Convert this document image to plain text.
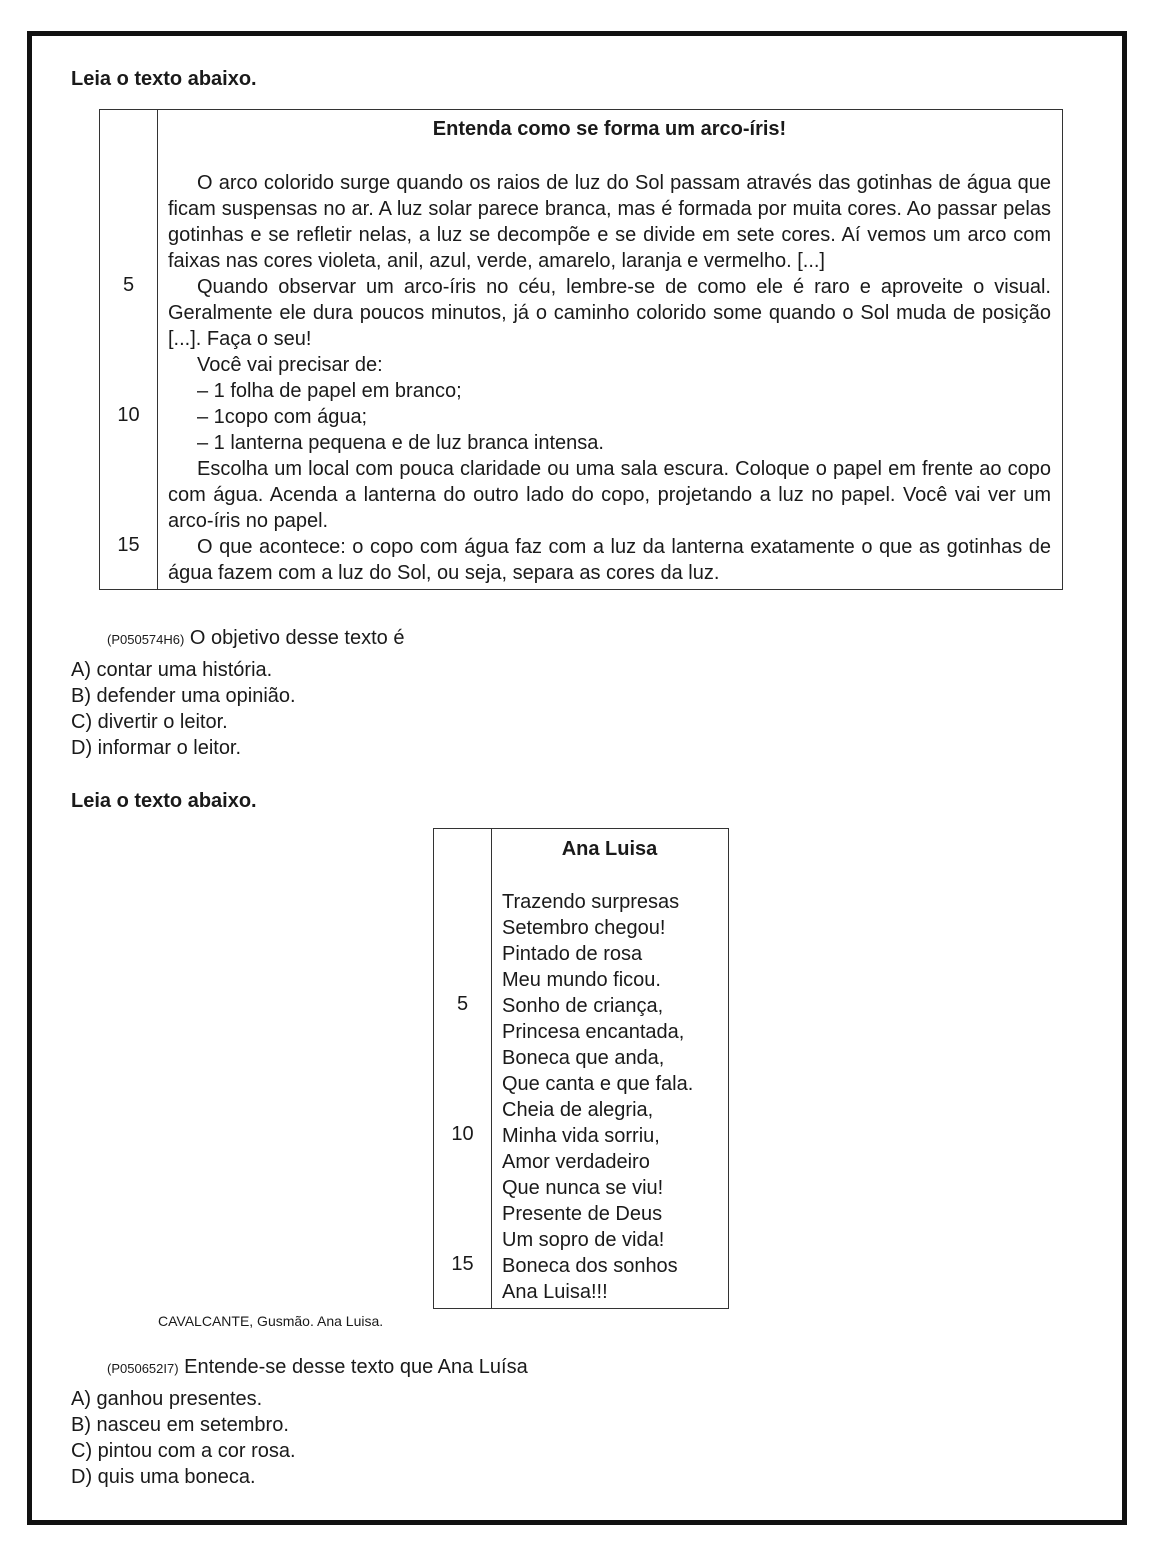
Leia o texto abaixo.
5
10
15
Entenda como se forma um arco-íris!

O arco colorido surge quando os raios de luz do Sol passam através das gotinhas de água que ficam suspensas no ar. A luz solar parece branca, mas é formada por muita cores. Ao passar pelas gotinhas e se refletir nelas, a luz se decompõe e se divide em sete cores. Aí vemos um arco com faixas nas cores violeta, anil, azul, verde, amarelo, laranja e vermelho. [...]

Quando observar um arco-íris no céu, lembre-se de como ele é raro e aproveite o visual. Geralmente ele dura poucos minutos, já o caminho colorido some quando o Sol muda de posição [...]. Faça o seu!

Você vai precisar de:

– 1 folha de papel em branco;

– 1copo com água;

– 1 lanterna pequena e de luz branca intensa.

Escolha um local com pouca claridade ou uma sala escura. Coloque o papel em frente ao copo com água. Acenda a lanterna do outro lado do copo, projetando a luz no papel. Você vai ver um arco-íris no papel.

O que acontece: o copo com água faz com a luz da lanterna exatamente o que as gotinhas de água fazem com a luz do Sol, ou seja, separa as cores da luz.

(P050574H6) O objetivo desse texto é
A) contar uma história.
B) defender uma opinião.
C) divertir o leitor.
D) informar o leitor.
Leia o texto abaixo.
5
10
15
Ana Luisa
Trazendo surpresas
Setembro chegou!
Pintado de rosa
Meu mundo ficou.
Sonho de criança,
Princesa encantada,
Boneca que anda,
Que canta e que fala.
Cheia de alegria,
Minha vida sorriu,
Amor verdadeiro
Que nunca se viu!
Presente de Deus
Um sopro de vida!
Boneca dos sonhos
Ana Luisa!!!
CAVALCANTE, Gusmão. Ana Luisa.
(P050652I7) Entende-se desse texto que Ana Luísa
A) ganhou presentes.
B) nasceu em setembro.
C) pintou com a cor rosa.
D) quis uma boneca.
